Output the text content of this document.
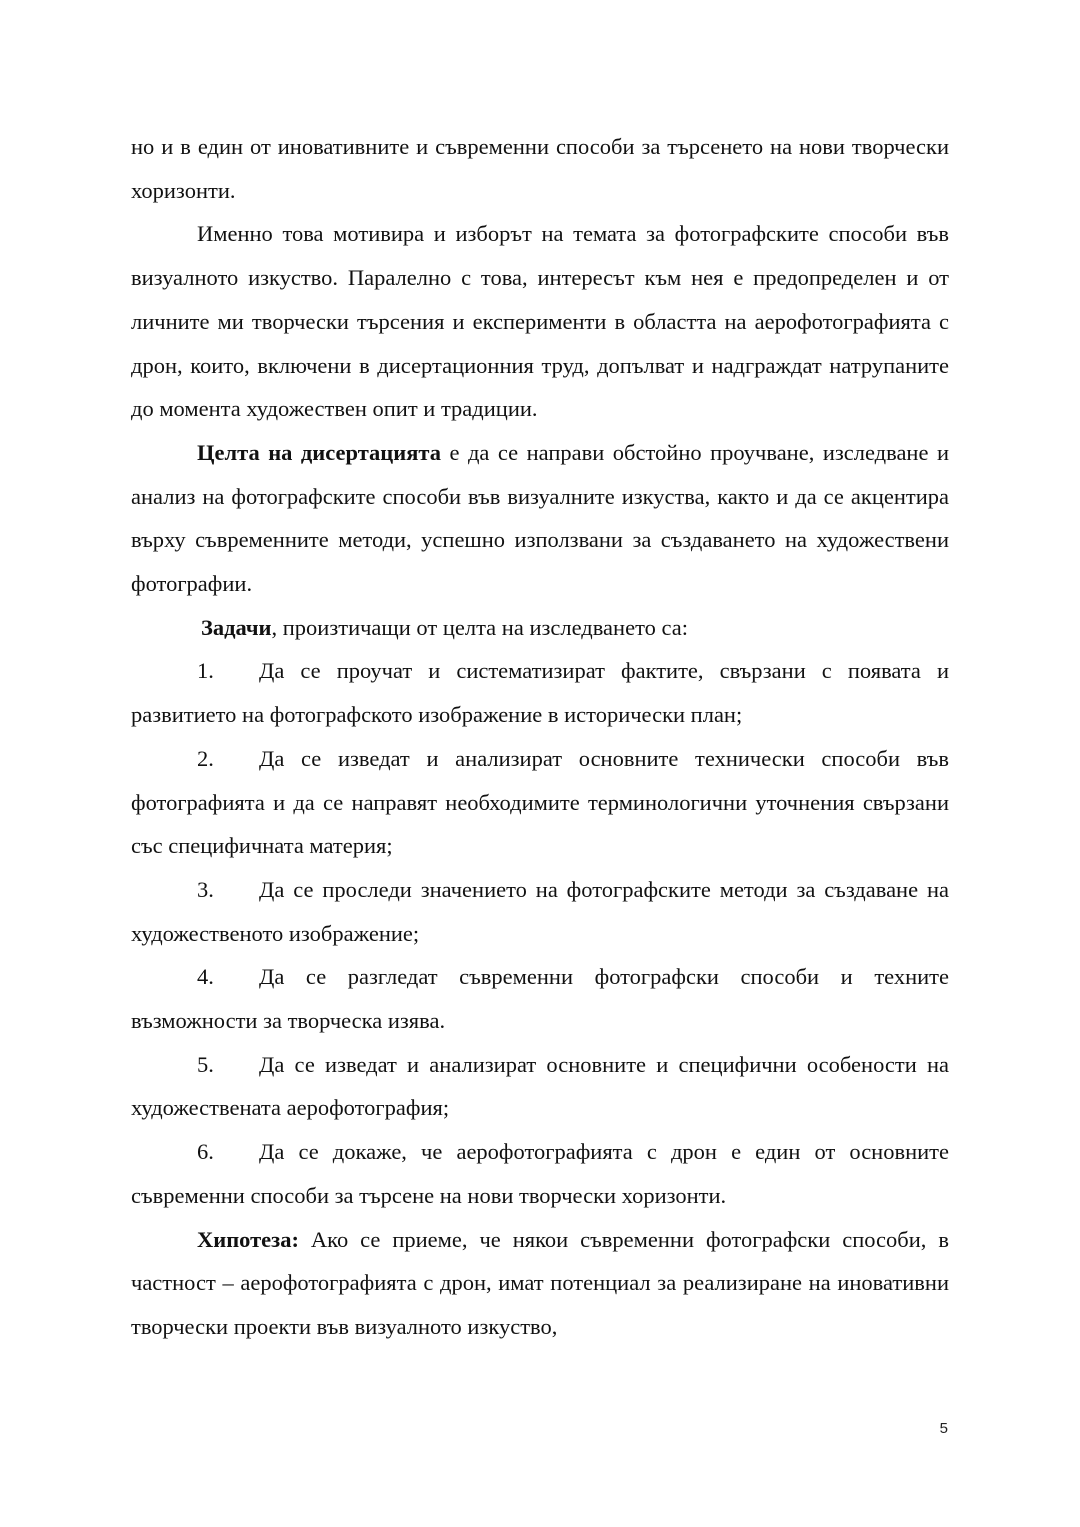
но и в един от иновативните и съвременни способи за търсенето на нови творчески хоризонти.

Именно това мотивира и изборът на темата за фотографските способи във визуалното изкуство. Паралелно с това, интересът към нея е предопределен и от личните ми творчески търсения и експерименти в областта на аерофотографията с дрон, които, включени в дисертационния труд, допълват и надграждат натрупаните до момента художествен опит и традиции.

Целта на дисертацията е да се направи обстойно проучване, изследване и анализ на фотографските способи във визуалните изкуства, както и да се акцентира върху съвременните методи, успешно използвани за създаването на художествени фотографии.

Задачи, произтичащи от целта на изследването са:

1. Да се проучат и систематизират фактите, свързани с появата и развитието на фотографското изображение в исторически план;

2. Да се изведат и анализират основните технически способи във фотографията и да се направят необходимите терминологични уточнения свързани със специфичната материя;

3. Да се проследи значението на фотографските методи за създаване на художественото изображение;

4. Да се разгледат съвременни фотографски способи и техните възможности за творческа изява.

5. Да се изведат и анализират основните и специфични особености на художествената аерофотография;

6. Да се докаже, че аерофотографията с дрон е един от основните съвременни способи за търсене на нови творчески хоризонти.

Хипотеза: Ако се приеме, че някои съвременни фотографски способи, в частност – аерофотографията с дрон, имат потенциал за реализиране на иновативни творчески проекти във визуалното изкуство,

5
